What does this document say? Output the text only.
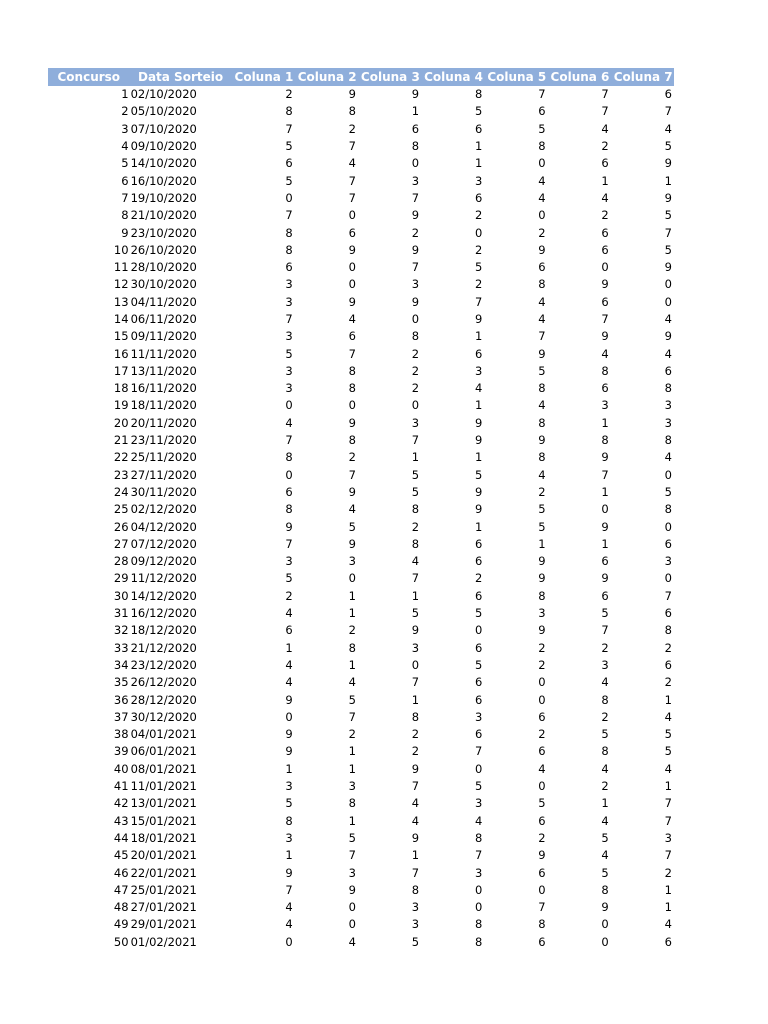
Concurso	Data Sorteio	Coluna 1	Coluna 2	Coluna 3	Coluna 4	Coluna 5	Coluna 6	Coluna 7
1	02/10/2020	2	9	9	8	7	7	6
2	05/10/2020	8	8	1	5	6	7	7
3	07/10/2020	7	2	6	6	5	4	4
4	09/10/2020	5	7	8	1	8	2	5
5	14/10/2020	6	4	0	1	0	6	9
6	16/10/2020	5	7	3	3	4	1	1
7	19/10/2020	0	7	7	6	4	4	9
8	21/10/2020	7	0	9	2	0	2	5
9	23/10/2020	8	6	2	0	2	6	7
10	26/10/2020	8	9	9	2	9	6	5
11	28/10/2020	6	0	7	5	6	0	9
12	30/10/2020	3	0	3	2	8	9	0
13	04/11/2020	3	9	9	7	4	6	0
14	06/11/2020	7	4	0	9	4	7	4
15	09/11/2020	3	6	8	1	7	9	9
16	11/11/2020	5	7	2	6	9	4	4
17	13/11/2020	3	8	2	3	5	8	6
18	16/11/2020	3	8	2	4	8	6	8
19	18/11/2020	0	0	0	1	4	3	3
20	20/11/2020	4	9	3	9	8	1	3
21	23/11/2020	7	8	7	9	9	8	8
22	25/11/2020	8	2	1	1	8	9	4
23	27/11/2020	0	7	5	5	4	7	0
24	30/11/2020	6	9	5	9	2	1	5
25	02/12/2020	8	4	8	9	5	0	8
26	04/12/2020	9	5	2	1	5	9	0
27	07/12/2020	7	9	8	6	1	1	6
28	09/12/2020	3	3	4	6	9	6	3
29	11/12/2020	5	0	7	2	9	9	0
30	14/12/2020	2	1	1	6	8	6	7
31	16/12/2020	4	1	5	5	3	5	6
32	18/12/2020	6	2	9	0	9	7	8
33	21/12/2020	1	8	3	6	2	2	2
34	23/12/2020	4	1	0	5	2	3	6
35	26/12/2020	4	4	7	6	0	4	2
36	28/12/2020	9	5	1	6	0	8	1
37	30/12/2020	0	7	8	3	6	2	4
38	04/01/2021	9	2	2	6	2	5	5
39	06/01/2021	9	1	2	7	6	8	5
40	08/01/2021	1	1	9	0	4	4	4
41	11/01/2021	3	3	7	5	0	2	1
42	13/01/2021	5	8	4	3	5	1	7
43	15/01/2021	8	1	4	4	6	4	7
44	18/01/2021	3	5	9	8	2	5	3
45	20/01/2021	1	7	1	7	9	4	7
46	22/01/2021	9	3	7	3	6	5	2
47	25/01/2021	7	9	8	0	0	8	1
48	27/01/2021	4	0	3	0	7	9	1
49	29/01/2021	4	0	3	8	8	0	4
50	01/02/2021	0	4	5	8	6	0	6
